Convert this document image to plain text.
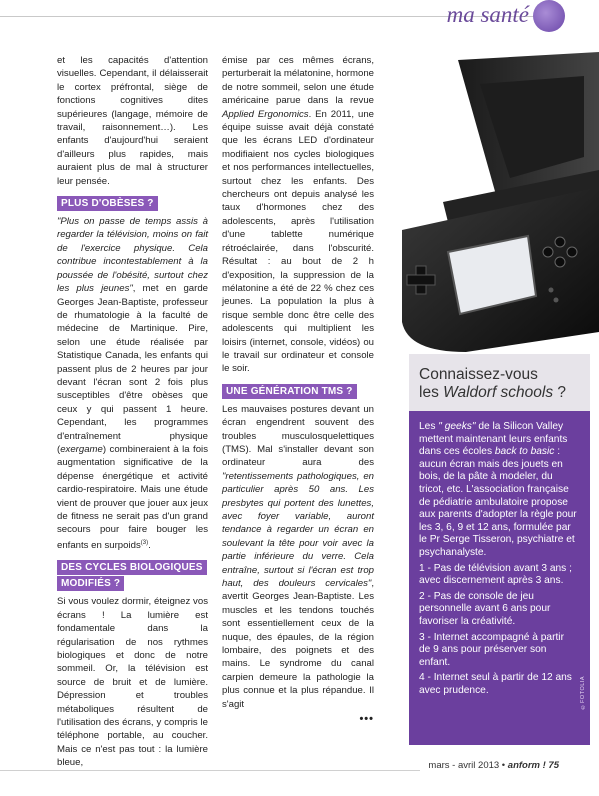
ma santé

et les capacités d'attention visuelles. Cependant, il délaisserait le cortex préfrontal, siège de fonctions cognitives dites supérieures (langage, mémoire de travail, raisonnement…). Les enfants d'aujourd'hui seraient d'ailleurs plus rapides, mais auraient plus de mal à structurer leur pensée.

PLUS D'OBÈSES ?

"Plus on passe de temps assis à regarder la télévision, moins on fait de l'exercice physique. Cela contribue incontestablement à la poussée de l'obésité, surtout chez les plus jeunes", met en garde Georges Jean-Baptiste, professeur de rhumatologie à la faculté de médecine de Martinique. Pire, selon une étude réalisée par Statistique Canada, les enfants qui passent plus de 2 heures par jour devant l'écran sont 2 fois plus susceptibles d'être obèses que ceux y qui passent 1 heure. Cependant, les programmes d'entraînement physique (exergame) combineraient à la fois augmentation significative de la dépense énergétique et activité cardio-respiratoire. Mais une étude vient de prouver que jouer aux jeux de fitness ne serait pas d'un grand secours pour faire bouger les enfants en surpoids$^{(3)}$.

DES CYCLES BIOLOGIQUES
MODIFIÉS ?

Si vous voulez dormir, éteignez vos écrans ! La lumière est fondamentale dans la régularisation de nos rythmes biologiques et donc de notre sommeil. Or, la télévision est source de bruit et de lumière. Dépression et troubles métaboliques résultent de l'utilisation des écrans, y compris le téléphone portable, au coucher. Mais ce n'est pas tout : la lumière bleue,

émise par ces mêmes écrans, perturberait la mélatonine, hormone de notre sommeil, selon une étude américaine parue dans la revue Applied Ergonomics. En 2011, une équipe suisse avait déjà constaté que les écrans LED d'ordinateur modifiaient nos cycles biologiques et nos performances intellectuelles, surtout chez les enfants. Des chercheurs ont depuis analysé les taux d'hormones chez des adolescents, après l'utilisation d'une tablette numérique rétroéclairée, dans l'obscurité. Résultat : au bout de 2 h d'exposition, la suppression de la mélatonine a été de 22 % chez ces jeunes. La population la plus à risque semble donc être celle des adolescents qui multiplient les loisirs (internet, console, vidéos) ou le travail sur ordinateur et console le soir.

UNE GÉNÉRATION TMS ?

Les mauvaises postures devant un écran engendrent souvent des troubles musculosquelettiques (TMS). Mal s'installer devant son ordinateur aura des "retentissements pathologiques, en particulier après 50 ans. Les presbytes qui portent des lunettes, avec foyer variable, auront tendance à regarder un écran en soulevant la tête pour voir avec la partie inférieure du verre. Cela entraîne, surtout si l'écran est trop haut, des douleurs cervicales", avertit Georges Jean-Baptiste. Les muscles et les tendons touchés sont essentiellement ceux de la nuque, des épaules, de la région lombaire, des poignets et des mains. Le syndrome du canal carpien demeure la pathologie la plus connue et la plus répandue. Il s'agit

•••
Connaissez-vous
les Waldorf schools ?

Les " geeks" de la Silicon Valley mettent maintenant leurs enfants dans ces écoles back to basic : aucun écran mais des jouets en bois, de la pâte à modeler, du tricot, etc. L'association française de pédiatrie ambulatoire propose aux parents d'adopter la règle pour les 3, 6, 9 et 12 ans, formulée par le Pr Serge Tisseron, psychiatre et psychanalyste.

1 - Pas de télévision avant 3 ans ; avec discernement après 3 ans.

2 - Pas de console de jeu personnelle avant 6 ans pour favoriser la créativité.

3 - Internet accompagné à partir de 9 ans pour préserver son enfant.

4 - Internet seul à partir de 12 ans avec prudence.	©FOTOLIA
mars - avril 2013 • anform ! 75
